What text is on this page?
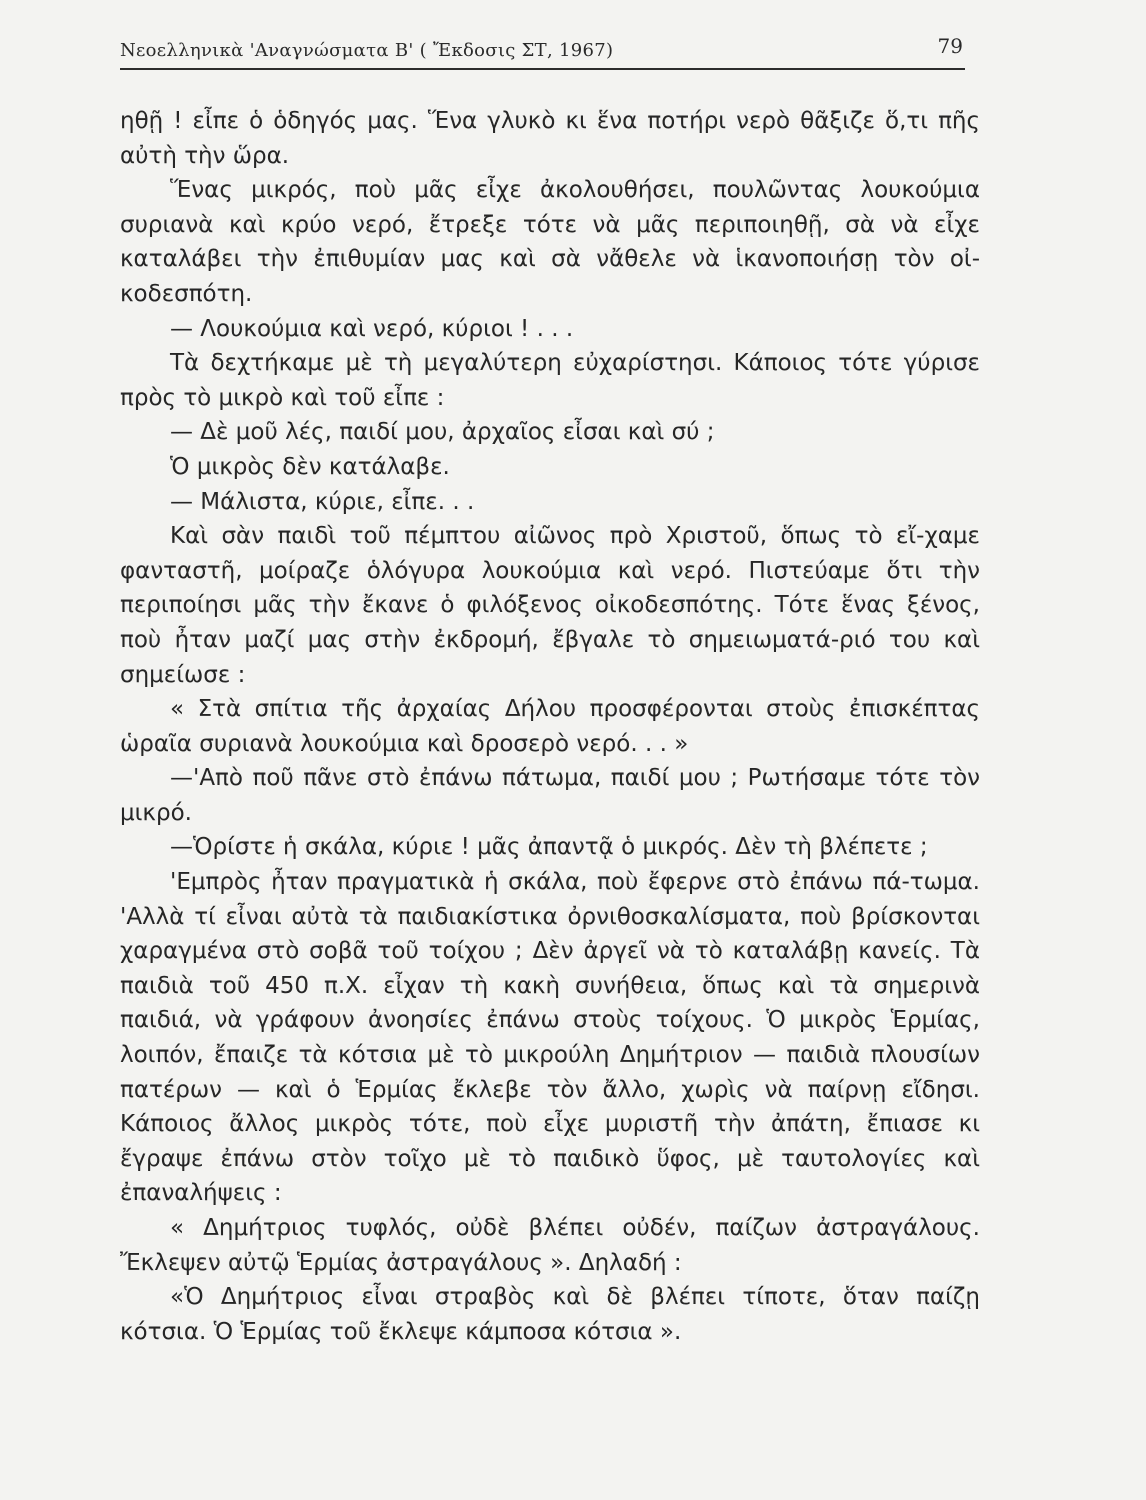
Νεοελληνικὰ 'Αναγνώσματα Β' ( Ἔκδοσις ΣΤ, 1967)	79

ηθῇ ! εἶπε ὁ ὁδηγός μας. Ἕνα γλυκὸ κι ἕνα ποτήρι νερὸ θᾶξιζε ὅ,τι πῆς αὐτὴ τὴν ὥρα.

Ἕνας μικρός, ποὺ μᾶς εἶχε ἀκολουθήσει, πουλῶντας λουκούμια συριανὰ καὶ κρύο νερό, ἔτρεξε τότε νὰ μᾶς περιποιηθῇ, σὰ νὰ εἶχε καταλάβει τὴν ἐπιθυμίαν μας καὶ σὰ νἄθελε νὰ ἱκανοποιήσῃ τὸν οἰ-κοδεσπότη.

— Λουκούμια καὶ νερό, κύριοι ! . . .

Τὰ δεχτήκαμε μὲ τὴ μεγαλύτερη εὐχαρίστησι. Κάποιος τότε γύρισε πρὸς τὸ μικρὸ καὶ τοῦ εἶπε :

— Δὲ μοῦ λές, παιδί μου, ἀρχαῖος εἶσαι καὶ σύ ;

Ὁ μικρὸς δὲν κατάλαβε.

— Μάλιστα, κύριε, εἶπε. . .

Καὶ σὰν παιδὶ τοῦ πέμπτου αἰῶνος πρὸ Χριστοῦ, ὅπως τὸ εἴ-χαμε φανταστῆ, μοίραζε ὁλόγυρα λουκούμια καὶ νερό. Πιστεύαμε ὅτι τὴν περιποίησι μᾶς τὴν ἔκανε ὁ φιλόξενος οἰκοδεσπότης. Τότε ἕνας ξένος, ποὺ ἦταν μαζί μας στὴν ἐκδρομή, ἔβγαλε τὸ σημειωματά-ριό του καὶ σημείωσε :

« Στὰ σπίτια τῆς ἀρχαίας Δήλου προσφέρονται στοὺς ἐπισκέπτας ὡραῖα συριανὰ λουκούμια καὶ δροσερὸ νερό. . . »

—'Απὸ ποῦ πᾶνε στὸ ἐπάνω πάτωμα, παιδί μου ; Ρωτήσαμε τότε τὸν μικρό.

—Ὁρίστε ἡ σκάλα, κύριε ! μᾶς ἀπαντᾷ ὁ μικρός. Δὲν τὴ βλέπετε ;

'Εμπρὸς ἦταν πραγματικὰ ἡ σκάλα, ποὺ ἔφερνε στὸ ἐπάνω πά-τωμα. 'Αλλὰ τί εἶναι αὐτὰ τὰ παιδιακίστικα ὀρνιθοσκαλίσματα, ποὺ βρίσκονται χαραγμένα στὸ σοβᾶ τοῦ τοίχου ; Δὲν ἀργεῖ νὰ τὸ καταλάβῃ κανείς. Τὰ παιδιὰ τοῦ 450 π.Χ. εἶχαν τὴ κακὴ συνήθεια, ὅπως καὶ τὰ σημερινὰ παιδιά, νὰ γράφουν ἀνοησίες ἐπάνω στοὺς τοίχους. Ὁ μικρὸς Ἑρμίας, λοιπόν, ἔπαιζε τὰ κότσια μὲ τὸ μικρούλη Δημήτριον — παιδιὰ πλουσίων πατέρων — καὶ ὁ Ἑρμίας ἔκλεβε τὸν ἄλλο, χωρὶς νὰ παίρνῃ εἴδησι. Κάποιος ἄλλος μικρὸς τότε, ποὺ εἶχε μυριστῆ τὴν ἀπάτη, ἔπιασε κι ἔγραψε ἐπάνω στὸν τοῖχο μὲ τὸ παιδικὸ ὕφος, μὲ ταυτολογίες καὶ ἐπαναλήψεις :

« Δημήτριος τυφλός, οὐδὲ βλέπει οὐδέν, παίζων ἀστραγάλους. Ἔκλεψεν αὐτῷ Ἑρμίας ἀστραγάλους ». Δηλαδή :

«Ὁ Δημήτριος εἶναι στραβὸς καὶ δὲ βλέπει τίποτε, ὅταν παίζῃ κότσια. Ὁ Ἑρμίας τοῦ ἔκλεψε κάμποσα κότσια ».
